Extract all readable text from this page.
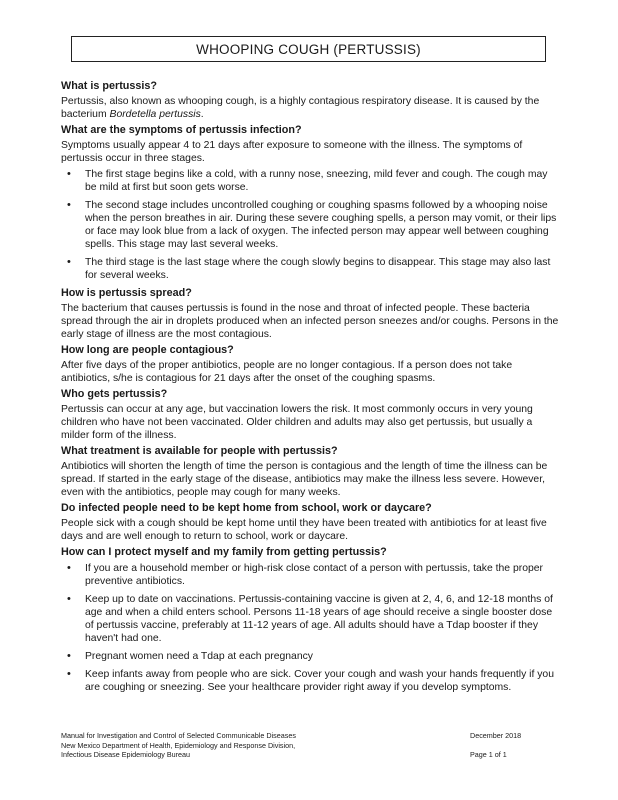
WHOOPING COUGH (PERTUSSIS)
What is pertussis?

Pertussis, also known as whooping cough, is a highly contagious respiratory disease. It is caused by the bacterium Bordetella pertussis.

What are the symptoms of pertussis infection?

Symptoms usually appear 4 to 21 days after exposure to someone with the illness. The symptoms of pertussis occur in three stages.

• The first stage begins like a cold, with a runny nose, sneezing, mild fever and cough. The cough may be mild at first but soon gets worse.
• The second stage includes uncontrolled coughing or coughing spasms followed by a whooping noise when the person breathes in air. During these severe coughing spells, a person may vomit, or their lips or face may look blue from a lack of oxygen. The infected person may appear well between coughing spells. This stage may last several weeks.
• The third stage is the last stage where the cough slowly begins to disappear. This stage may also last for several weeks.
How is pertussis spread?

The bacterium that causes pertussis is found in the nose and throat of infected people. These bacteria spread through the air in droplets produced when an infected person sneezes and/or coughs. Persons in the early stage of illness are the most contagious.

How long are people contagious?

After five days of the proper antibiotics, people are no longer contagious. If a person does not take antibiotics, s/he is contagious for 21 days after the onset of the coughing spasms.

Who gets pertussis?

Pertussis can occur at any age, but vaccination lowers the risk. It most commonly occurs in very young children who have not been vaccinated. Older children and adults may also get pertussis, but usually a milder form of the illness.

What treatment is available for people with pertussis?

Antibiotics will shorten the length of time the person is contagious and the length of time the illness can be spread. If started in the early stage of the disease, antibiotics may make the illness less severe. However, even with the antibiotics, people may cough for many weeks.

Do infected people need to be kept home from school, work or daycare?

People sick with a cough should be kept home until they have been treated with antibiotics for at least five days and are well enough to return to school, work or daycare.

How can I protect myself and my family from getting pertussis?
• If you are a household member or high-risk close contact of a person with pertussis, take the proper preventive antibiotics.
• Keep up to date on vaccinations. Pertussis-containing vaccine is given at 2, 4, 6, and 12-18 months of age and when a child enters school. Persons 11-18 years of age should receive a single booster dose of pertussis vaccine, preferably at 11-12 years of age. All adults should have a Tdap booster if they haven't had one.
• Pregnant women need a Tdap at each pregnancy
• Keep infants away from people who are sick. Cover your cough and wash your hands frequently if you are coughing or sneezing. See your healthcare provider right away if you develop symptoms.
Manual for Investigation and Control of Selected Communicable Diseases
New Mexico Department of Health, Epidemiology and Response Division,
Infectious Disease Epidemiology Bureau
December 2018
Page 1 of 1
